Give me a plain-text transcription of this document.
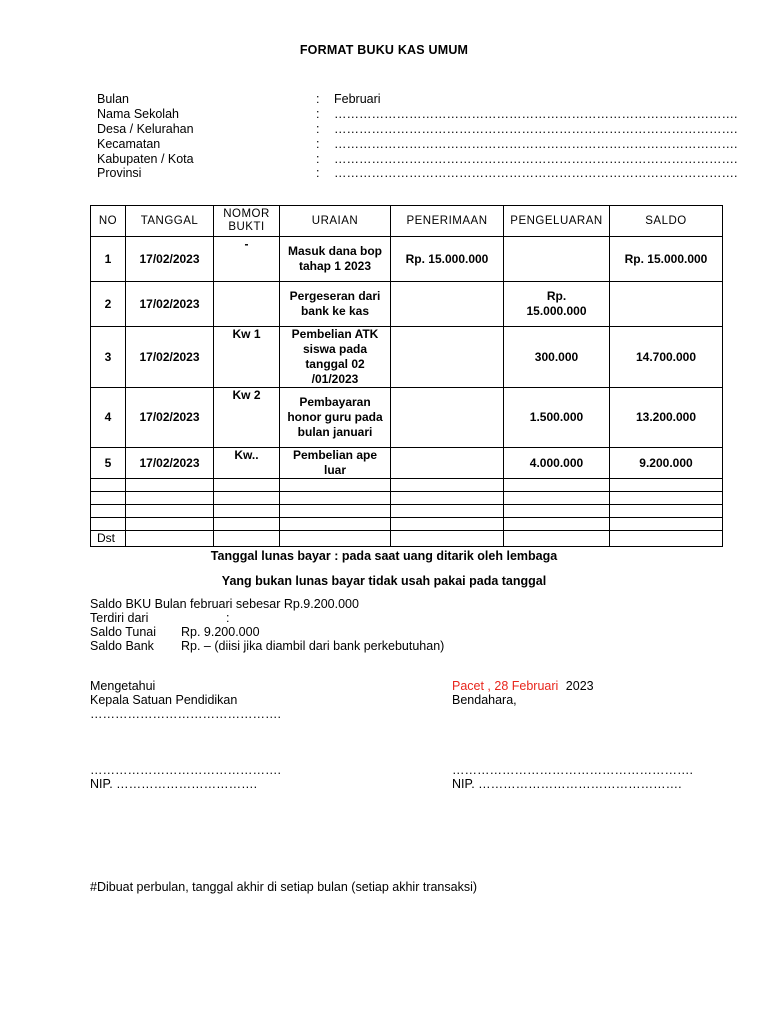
FORMAT BUKU KAS UMUM
Bulan	: Februari
Nama Sekolah	: …………………………………………………………………………………….
Desa / Kelurahan	: …………………………………………………………………………………….
Kecamatan	: …………………………………………………………………………………….
Kabupaten / Kota	: …………………………………………………………………………………….
Provinsi	: …………………………………………………………………………………….
NO	TANGGAL	NOMOR BUKTI	URAIAN	PENERIMAAN	PENGELUARAN	SALDO
1	17/02/2023	-	Masuk dana bop tahap 1 2023	Rp. 15.000.000		Rp. 15.000.000
2	17/02/2023		Pergeseran dari bank ke kas		Rp. 15.000.000	
3	17/02/2023	Kw 1	Pembelian ATK siswa pada tanggal 02 /01/2023		300.000	14.700.000
4	17/02/2023	Kw 2	Pembayaran honor guru pada bulan januari		1.500.000	13.200.000
5	17/02/2023	Kw..	Pembelian ape luar		4.000.000	9.200.000

Dst						
Tanggal lunas bayar : pada saat uang ditarik oleh lembaga
Yang bukan lunas bayar tidak usah pakai pada tanggal
Saldo BKU Bulan februari sebesar Rp.9.200.000
Terdiri dari	:
Saldo Tunai Rp. 9.200.000
Saldo Bank Rp. – (diisi jika diambil dari bank perkebutuhan)
Mengetahui
Kepala Satuan Pendidikan
……………………………………….
……………………………………….
NIP. …………………………….
Pacet , 28 Februari 2023
Bendahara,
………………………………………………….
NIP. ………………………………………….
#Dibuat perbulan, tanggal akhir di setiap bulan (setiap akhir transaksi)
